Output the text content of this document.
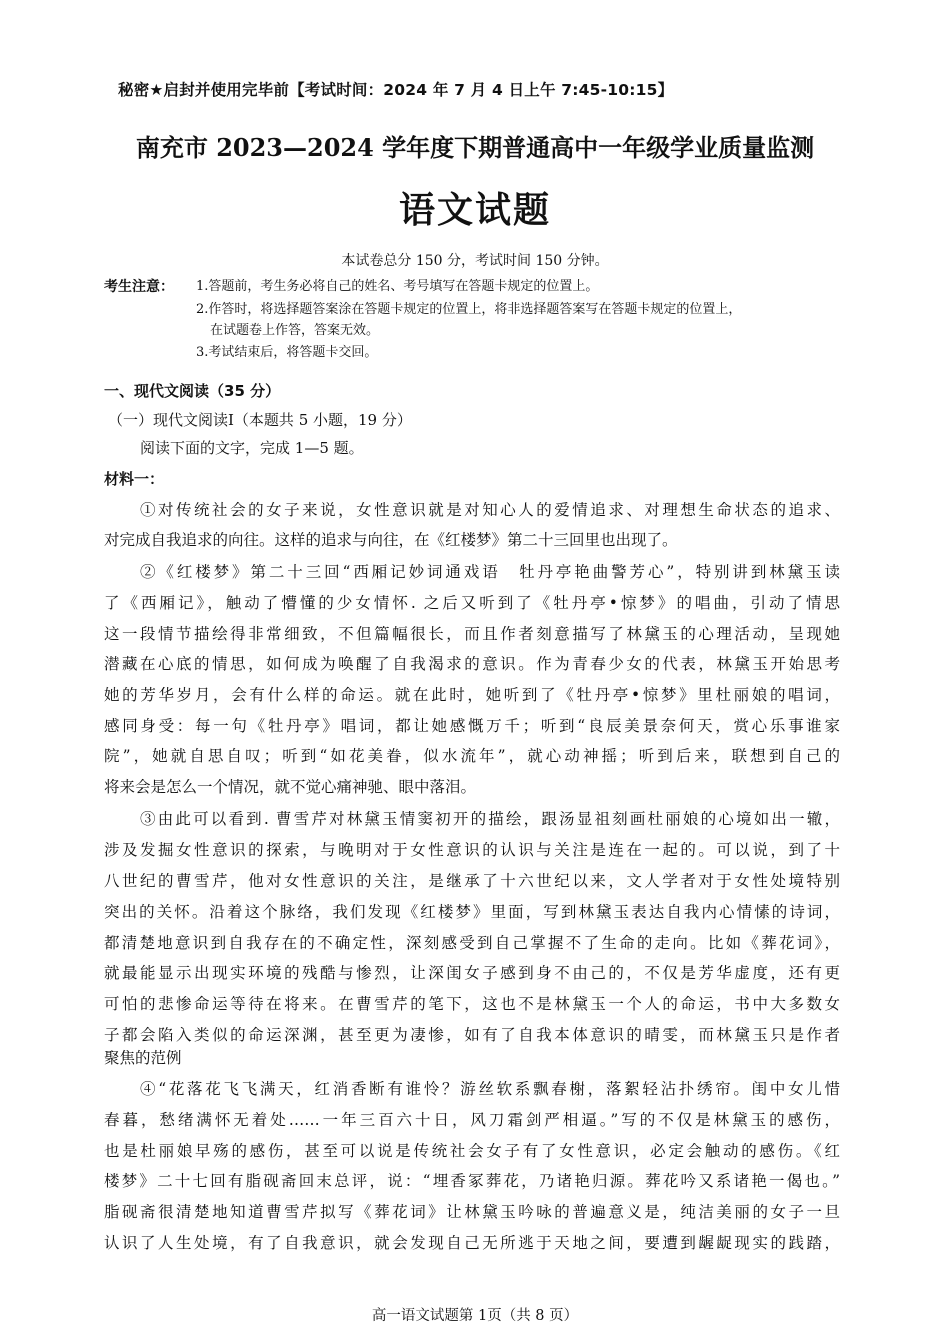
秘密★启封并使用完毕前【考试时间：2024 年 7 月 4 日上午 7:45-10:15】
南充市 2023—2024 学年度下期普通高中一年级学业质量监测
语文试题
本试卷总分 150 分，考试时间 150 分钟。
考生注意： 1.答题前，考生务必将自己的姓名、考号填写在答题卡规定的位置上。
2.作答时，将选择题答案涂在答题卡规定的位置上，将非选择题答案写在答题卡规定的位置上，
在试题卷上作答，答案无效。
3.考试结束后，将答题卡交回。
一、现代文阅读（35 分）
（一）现代文阅读Ⅰ（本题共 5 小题，19 分）
阅读下面的文字，完成 1—5 题。
材料一：
①对传统社会的女子来说，女性意识就是对知心人的爱情追求、对理想生命状态的追求、
对完成自我追求的向往。这样的追求与向往，在《红楼梦》第二十三回里也出现了。
②《红楼梦》第二十三回“西厢记妙词通戏语　牡丹亭艳曲警芳心”，特别讲到林黛玉读
了《西厢记》，触动了懵懂的少女情怀. 之后又听到了《牡丹亭•惊梦》的唱曲，引动了情思
这一段情节描绘得非常细致，不但篇幅很长，而且作者刻意描写了林黛玉的心理活动，呈现她
潜藏在心底的情思，如何成为唤醒了自我渴求的意识。作为青春少女的代表，林黛玉开始思考
她的芳华岁月，会有什么样的命运。就在此时，她听到了《牡丹亭•惊梦》里杜丽娘的唱词，
感同身受：每一句《牡丹亭》唱词，都让她感慨万千；听到“良辰美景奈何天，赏心乐事谁家
院”，她就自思自叹；听到“如花美眷，似水流年”，就心动神摇；听到后来，联想到自己的
将来会是怎么一个情况，就不觉心痛神驰、眼中落泪。
③由此可以看到. 曹雪芹对林黛玉情窦初开的描绘，跟汤显祖刻画杜丽娘的心境如出一辙，
涉及发掘女性意识的探索，与晚明对于女性意识的认识与关注是连在一起的。可以说，到了十
八世纪的曹雪芹，他对女性意识的关注，是继承了十六世纪以来，文人学者对于女性处境特别
突出的关怀。沿着这个脉络，我们发现《红楼梦》里面，写到林黛玉表达自我内心情愫的诗词，
都清楚地意识到自我存在的不确定性，深刻感受到自己掌握不了生命的走向。比如《葬花词》，
就最能显示出现实环境的残酷与惨烈，让深闺女子感到身不由己的，不仅是芳华虚度，还有更
可怕的悲惨命运等待在将来。在曹雪芹的笔下，这也不是林黛玉一个人的命运，书中大多数女
子都会陷入类似的命运深渊，甚至更为凄惨，如有了自我本体意识的晴雯，而林黛玉只是作者
聚焦的范例
④“花落花飞飞满天，红消香断有谁怜？游丝软系飘春榭，落絮轻沾扑绣帘。闺中女儿惜
春暮，愁绪满怀无着处……一年三百六十日，风刀霜剑严相逼。”写的不仅是林黛玉的感伤，
也是杜丽娘早殇的感伤，甚至可以说是传统社会女子有了女性意识，必定会触动的感伤。《红
楼梦》二十七回有脂砚斋回末总评，说：“埋香冢葬花，乃诸艳归源。葬花吟又系诸艳一偈也。”
脂砚斋很清楚地知道曹雪芹拟写《葬花词》让林黛玉吟咏的普遍意义是，纯洁美丽的女子一旦
认识了人生处境，有了自我意识，就会发现自己无所逃于天地之间，要遭到龌龊现实的践踏，
高一语文试题第 1页（共 8 页）
